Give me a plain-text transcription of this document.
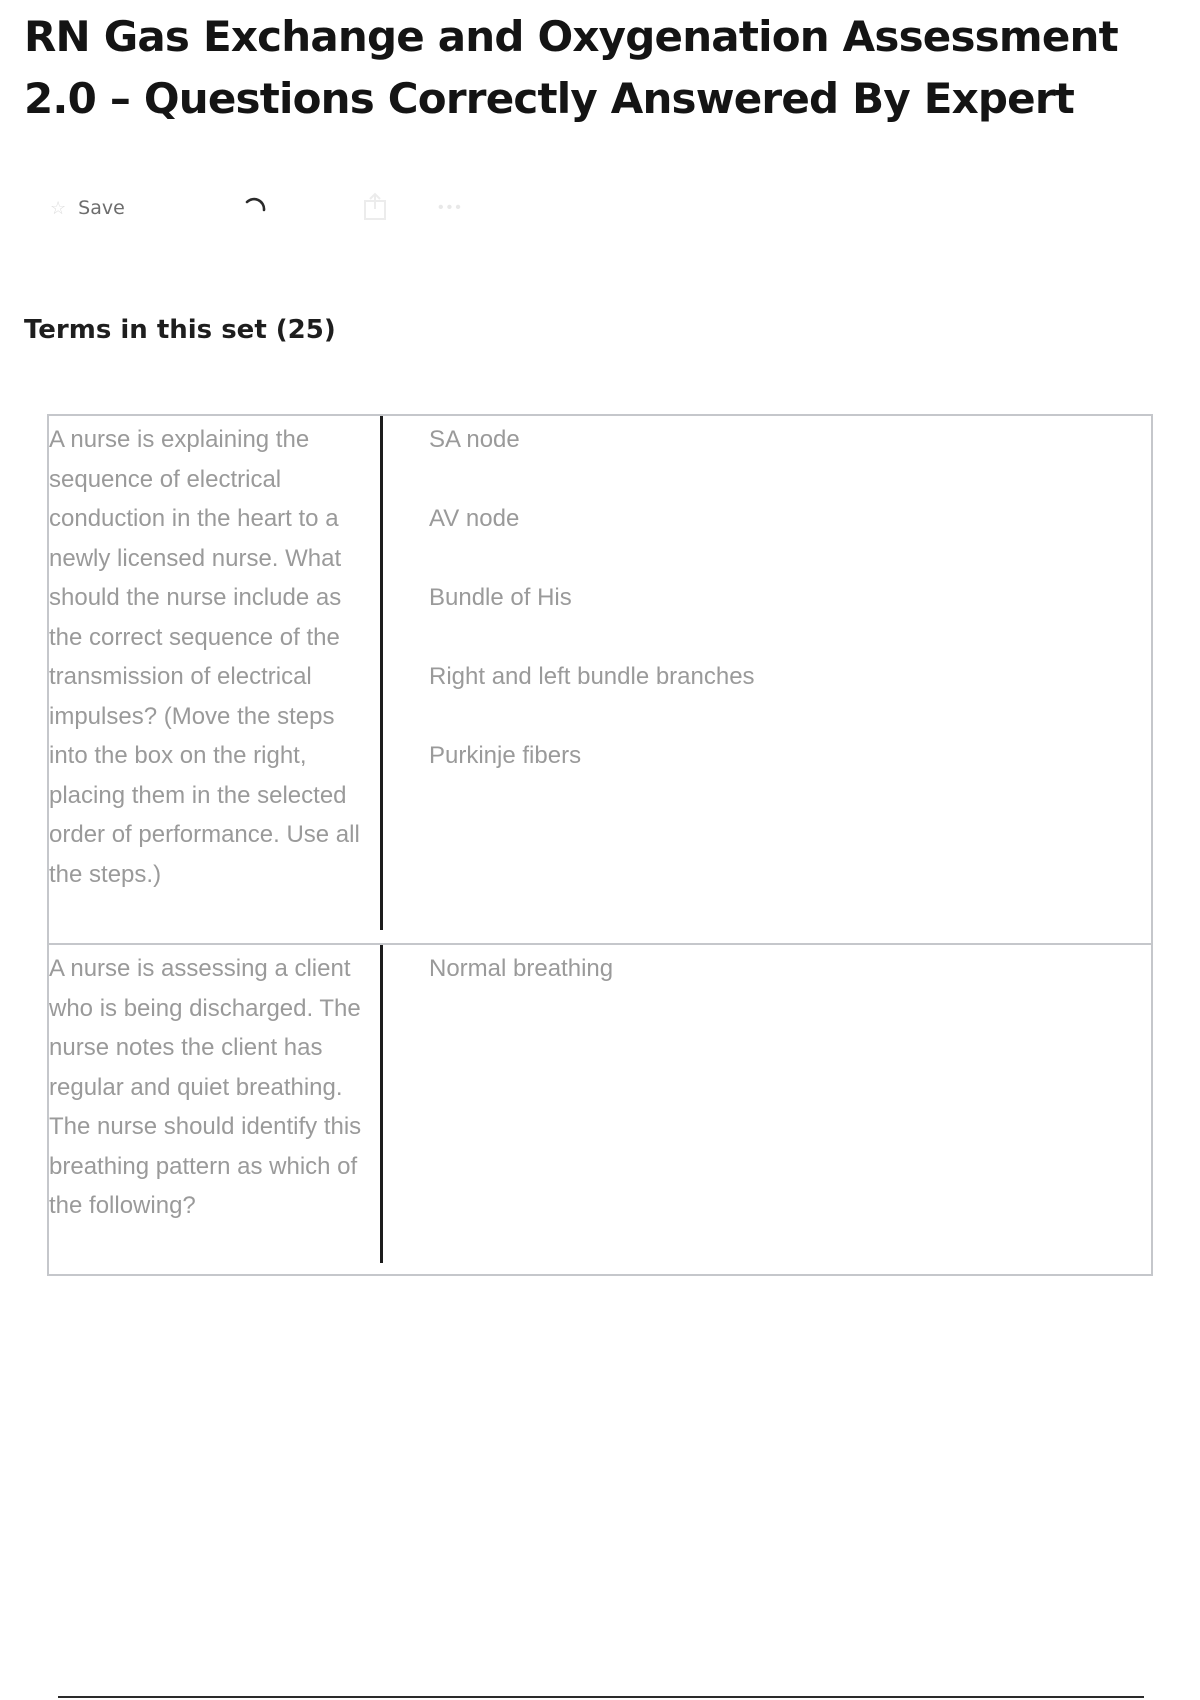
RN Gas Exchange and Oxygenation Assessment 2.0 – Questions Correctly Answered By Expert
☆ Save	•••
Terms in this set (25)

A nurse is explaining the sequence of electrical conduction in the heart to a newly licensed nurse. What should the nurse include as the correct sequence of the transmission of electrical impulses? (Move the steps into the box on the right, placing them in the selected order of performance. Use all the steps.)

SA node
AV node
Bundle of His
Right and left bundle branches
Purkinje fibers

A nurse is assessing a client who is being discharged. The nurse notes the client has regular and quiet breathing. The nurse should identify this breathing pattern as which of the following?

Normal breathing
